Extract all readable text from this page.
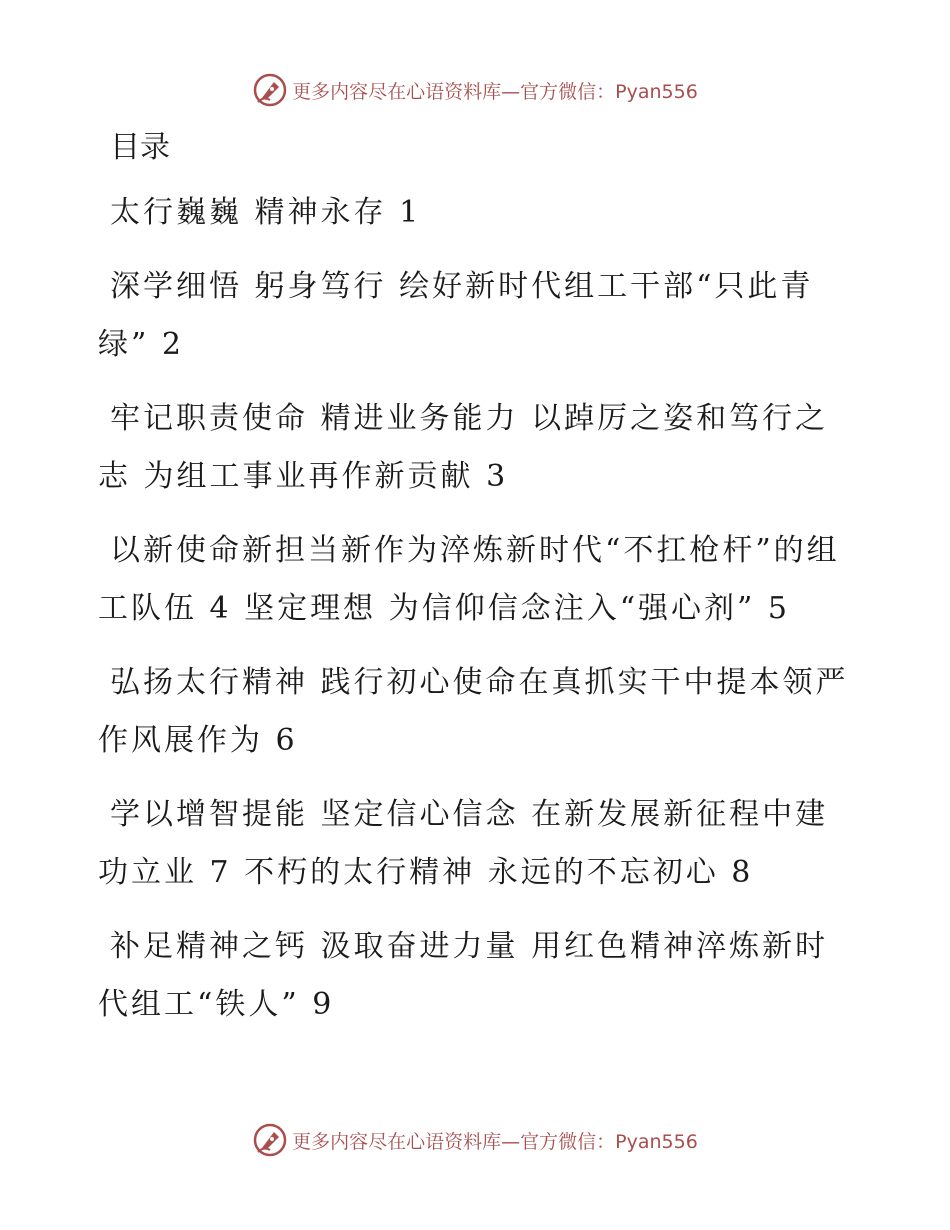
更多内容尽在心语资料库—官方微信：Pyan556
目录
太行巍巍 精神永存 1
深学细悟 躬身笃行 绘好新时代组工干部“只此青绿” 2
牢记职责使命 精进业务能力 以踔厉之姿和笃行之志 为组工事业再作新贡献 3
以新使命新担当新作为淬炼新时代“不扛枪杆”的组工队伍 4 坚定理想 为信仰信念注入“强心剂” 5
弘扬太行精神 践行初心使命在真抓实干中提本领严作风展作为 6
学以增智提能 坚定信心信念 在新发展新征程中建功立业 7 不朽的太行精神 永远的不忘初心 8
补足精神之钙 汲取奋进力量 用红色精神淬炼新时代组工“铁人” 9
更多内容尽在心语资料库—官方微信：Pyan556
